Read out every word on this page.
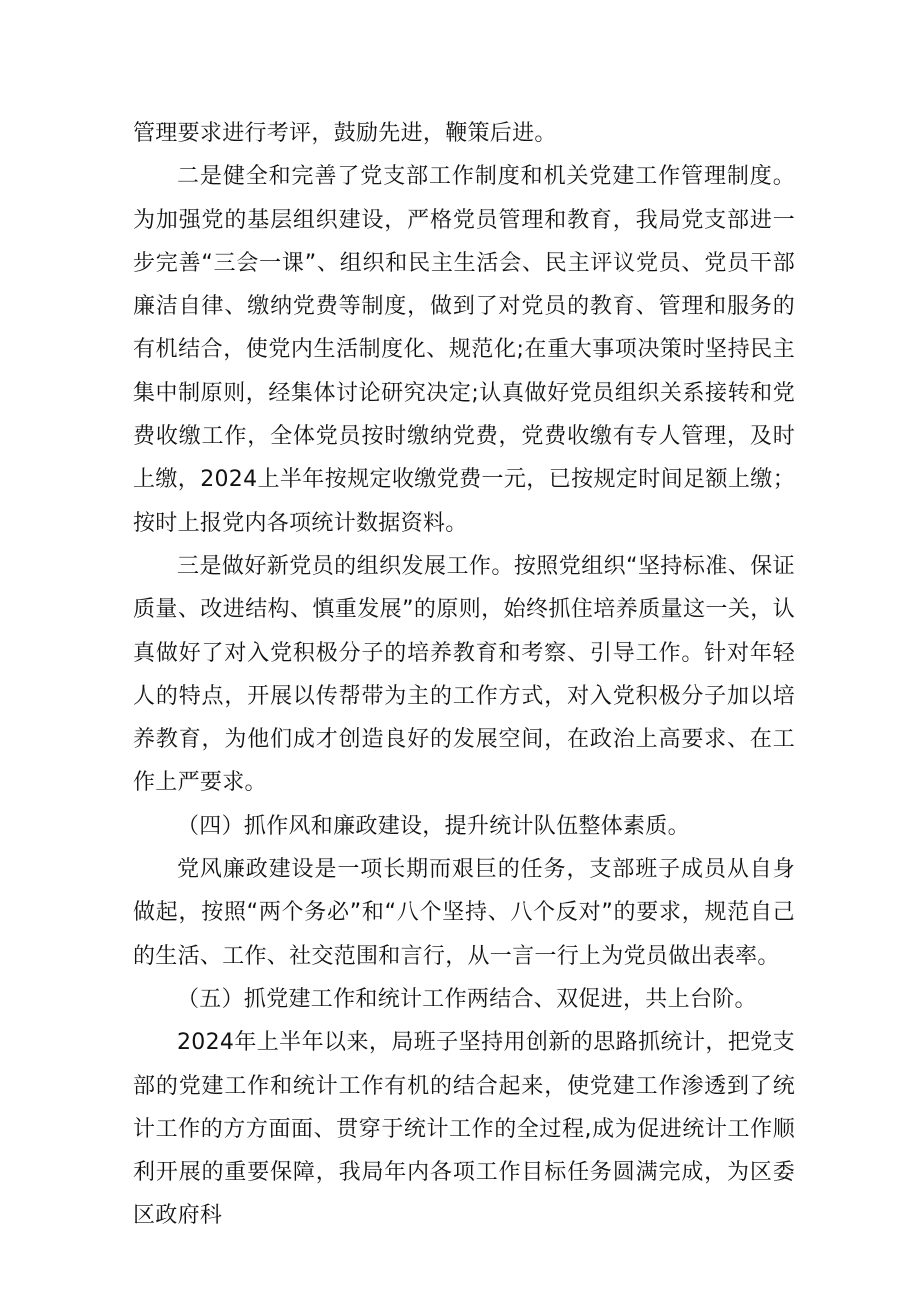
管理要求进行考评，鼓励先进，鞭策后进。

二是健全和完善了党支部工作制度和机关党建工作管理制度。为加强党的基层组织建设，严格党员管理和教育，我局党支部进一步完善“三会一课”、组织和民主生活会、民主评议党员、党员干部廉洁自律、缴纳党费等制度，做到了对党员的教育、管理和服务的有机结合，使党内生活制度化、规范化;在重大事项决策时坚持民主集中制原则，经集体讨论研究决定;认真做好党员组织关系接转和党费收缴工作，全体党员按时缴纳党费，党费收缴有专人管理，及时上缴，2024上半年按规定收缴党费一元，已按规定时间足额上缴；按时上报党内各项统计数据资料。

三是做好新党员的组织发展工作。按照党组织“坚持标准、保证质量、改进结构、慎重发展”的原则，始终抓住培养质量这一关，认真做好了对入党积极分子的培养教育和考察、引导工作。针对年轻人的特点，开展以传帮带为主的工作方式，对入党积极分子加以培养教育，为他们成才创造良好的发展空间，在政治上高要求、在工作上严要求。

（四）抓作风和廉政建设，提升统计队伍整体素质。

党风廉政建设是一项长期而艰巨的任务，支部班子成员从自身做起，按照“两个务必”和“八个坚持、八个反对”的要求，规范自己的生活、工作、社交范围和言行，从一言一行上为党员做出表率。

（五）抓党建工作和统计工作两结合、双促进，共上台阶。

2024年上半年以来，局班子坚持用创新的思路抓统计，把党支部的党建工作和统计工作有机的结合起来，使党建工作渗透到了统计工作的方方面面、贯穿于统计工作的全过程,成为促进统计工作顺利开展的重要保障，我局年内各项工作目标任务圆满完成，为区委区政府科
